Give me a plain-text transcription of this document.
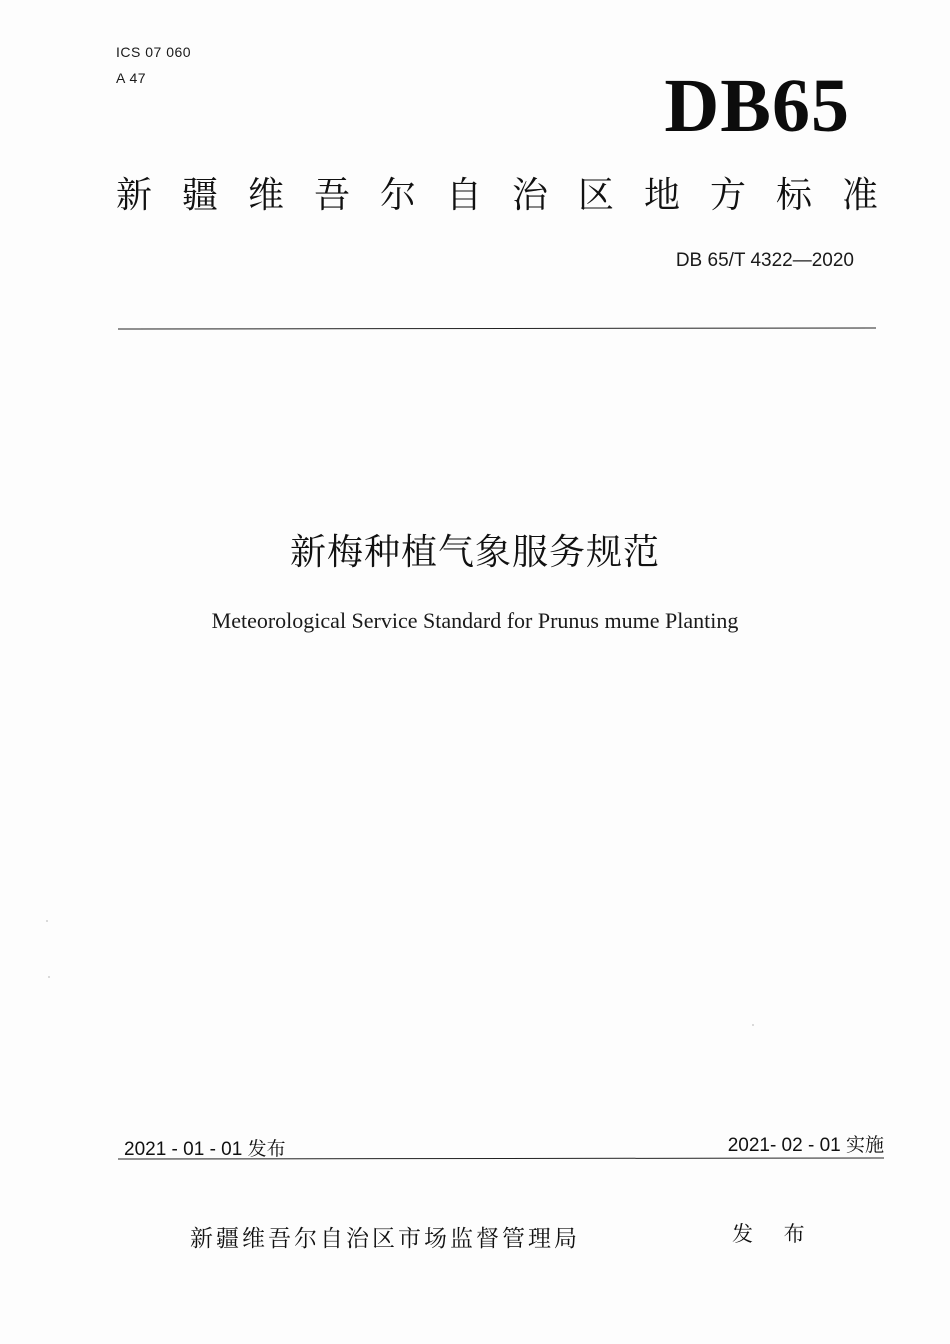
ICS 07 060
A 47	DB65
新疆维吾尔自治区地方标准
DB 65/T 4322—2020
新梅种植气象服务规范
Meteorological Service Standard for Prunus mume Planting
2021 - 01 - 01 发布	2021- 02 - 01 实施
新疆维吾尔自治区市场监督管理局	发 布
